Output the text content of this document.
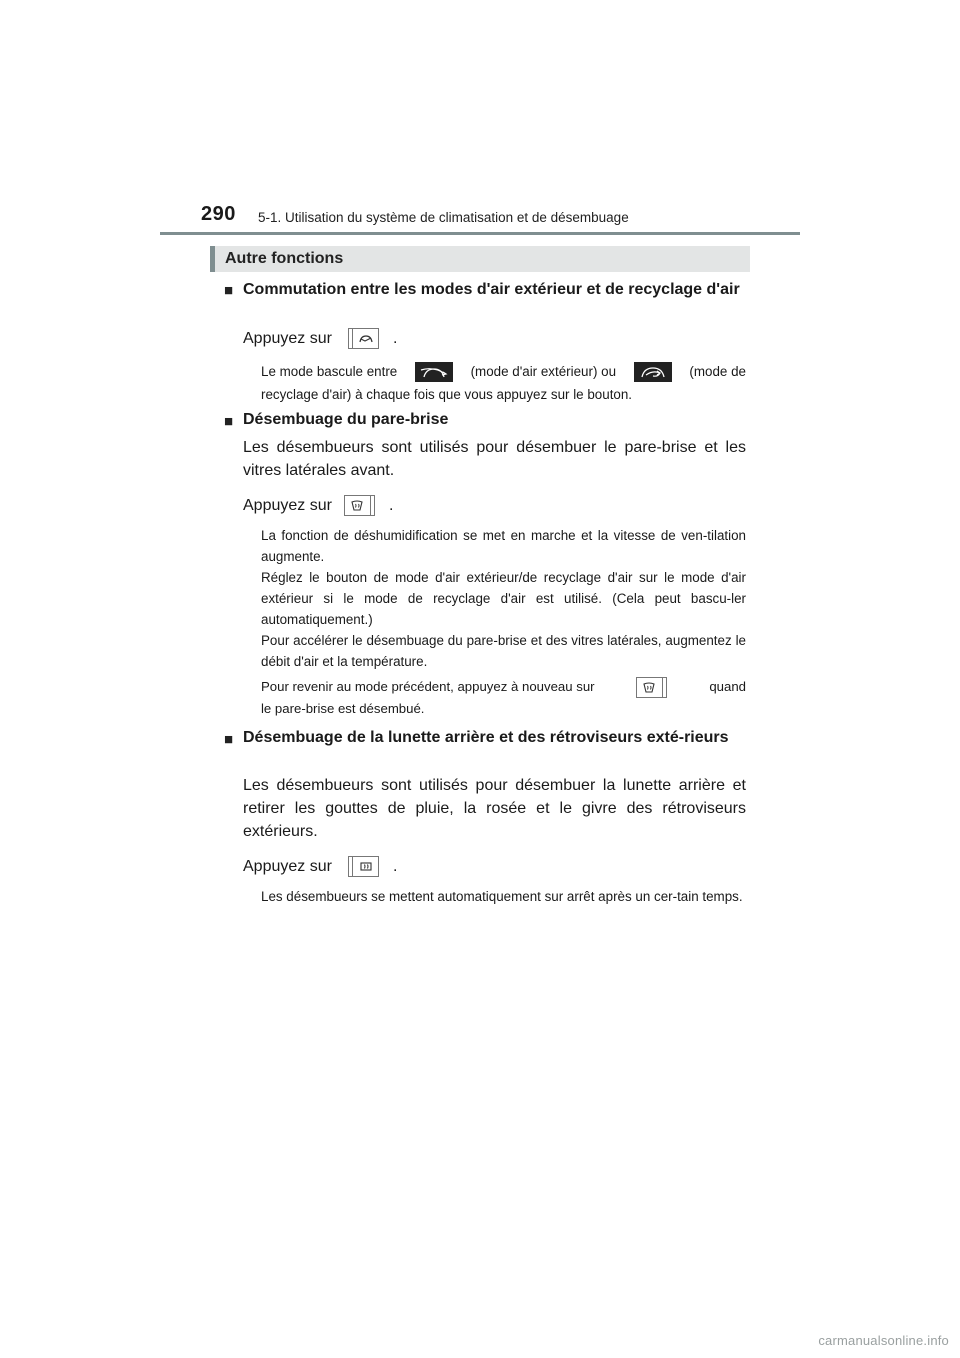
290 5-1. Utilisation du système de climatisation et de désembuage
Autre fonctions
■ Commutation entre les modes d'air extérieur et de recyclage d'air
Appuyez sur	.
Le mode bascule entre	(mode d'air extérieur) ou	(mode de
recyclage d'air) à chaque fois que vous appuyez sur le bouton.
■ Désembuage du pare-brise
Les désembueurs sont utilisés pour désembuer le pare-brise et les vitres latérales avant.
Appuyez sur	.
La fonction de déshumidification se met en marche et la vitesse de ven-tilation augmente.
Réglez le bouton de mode d'air extérieur/de recyclage d'air sur le mode d'air extérieur si le mode de recyclage d'air est utilisé. (Cela peut bascu-ler automatiquement.)
Pour accélérer le désembuage du pare-brise et des vitres latérales, augmentez le débit d'air et la température.
Pour revenir au mode précédent, appuyez à nouveau sur	quand
le pare-brise est désembué.
■ Désembuage de la lunette arrière et des rétroviseurs exté-rieurs
Les désembueurs sont utilisés pour désembuer la lunette arrière et retirer les gouttes de pluie, la rosée et le givre des rétroviseurs extérieurs.
Appuyez sur	.
Les désembueurs se mettent automatiquement sur arrêt après un cer-tain temps.
carmanualsonline.info
